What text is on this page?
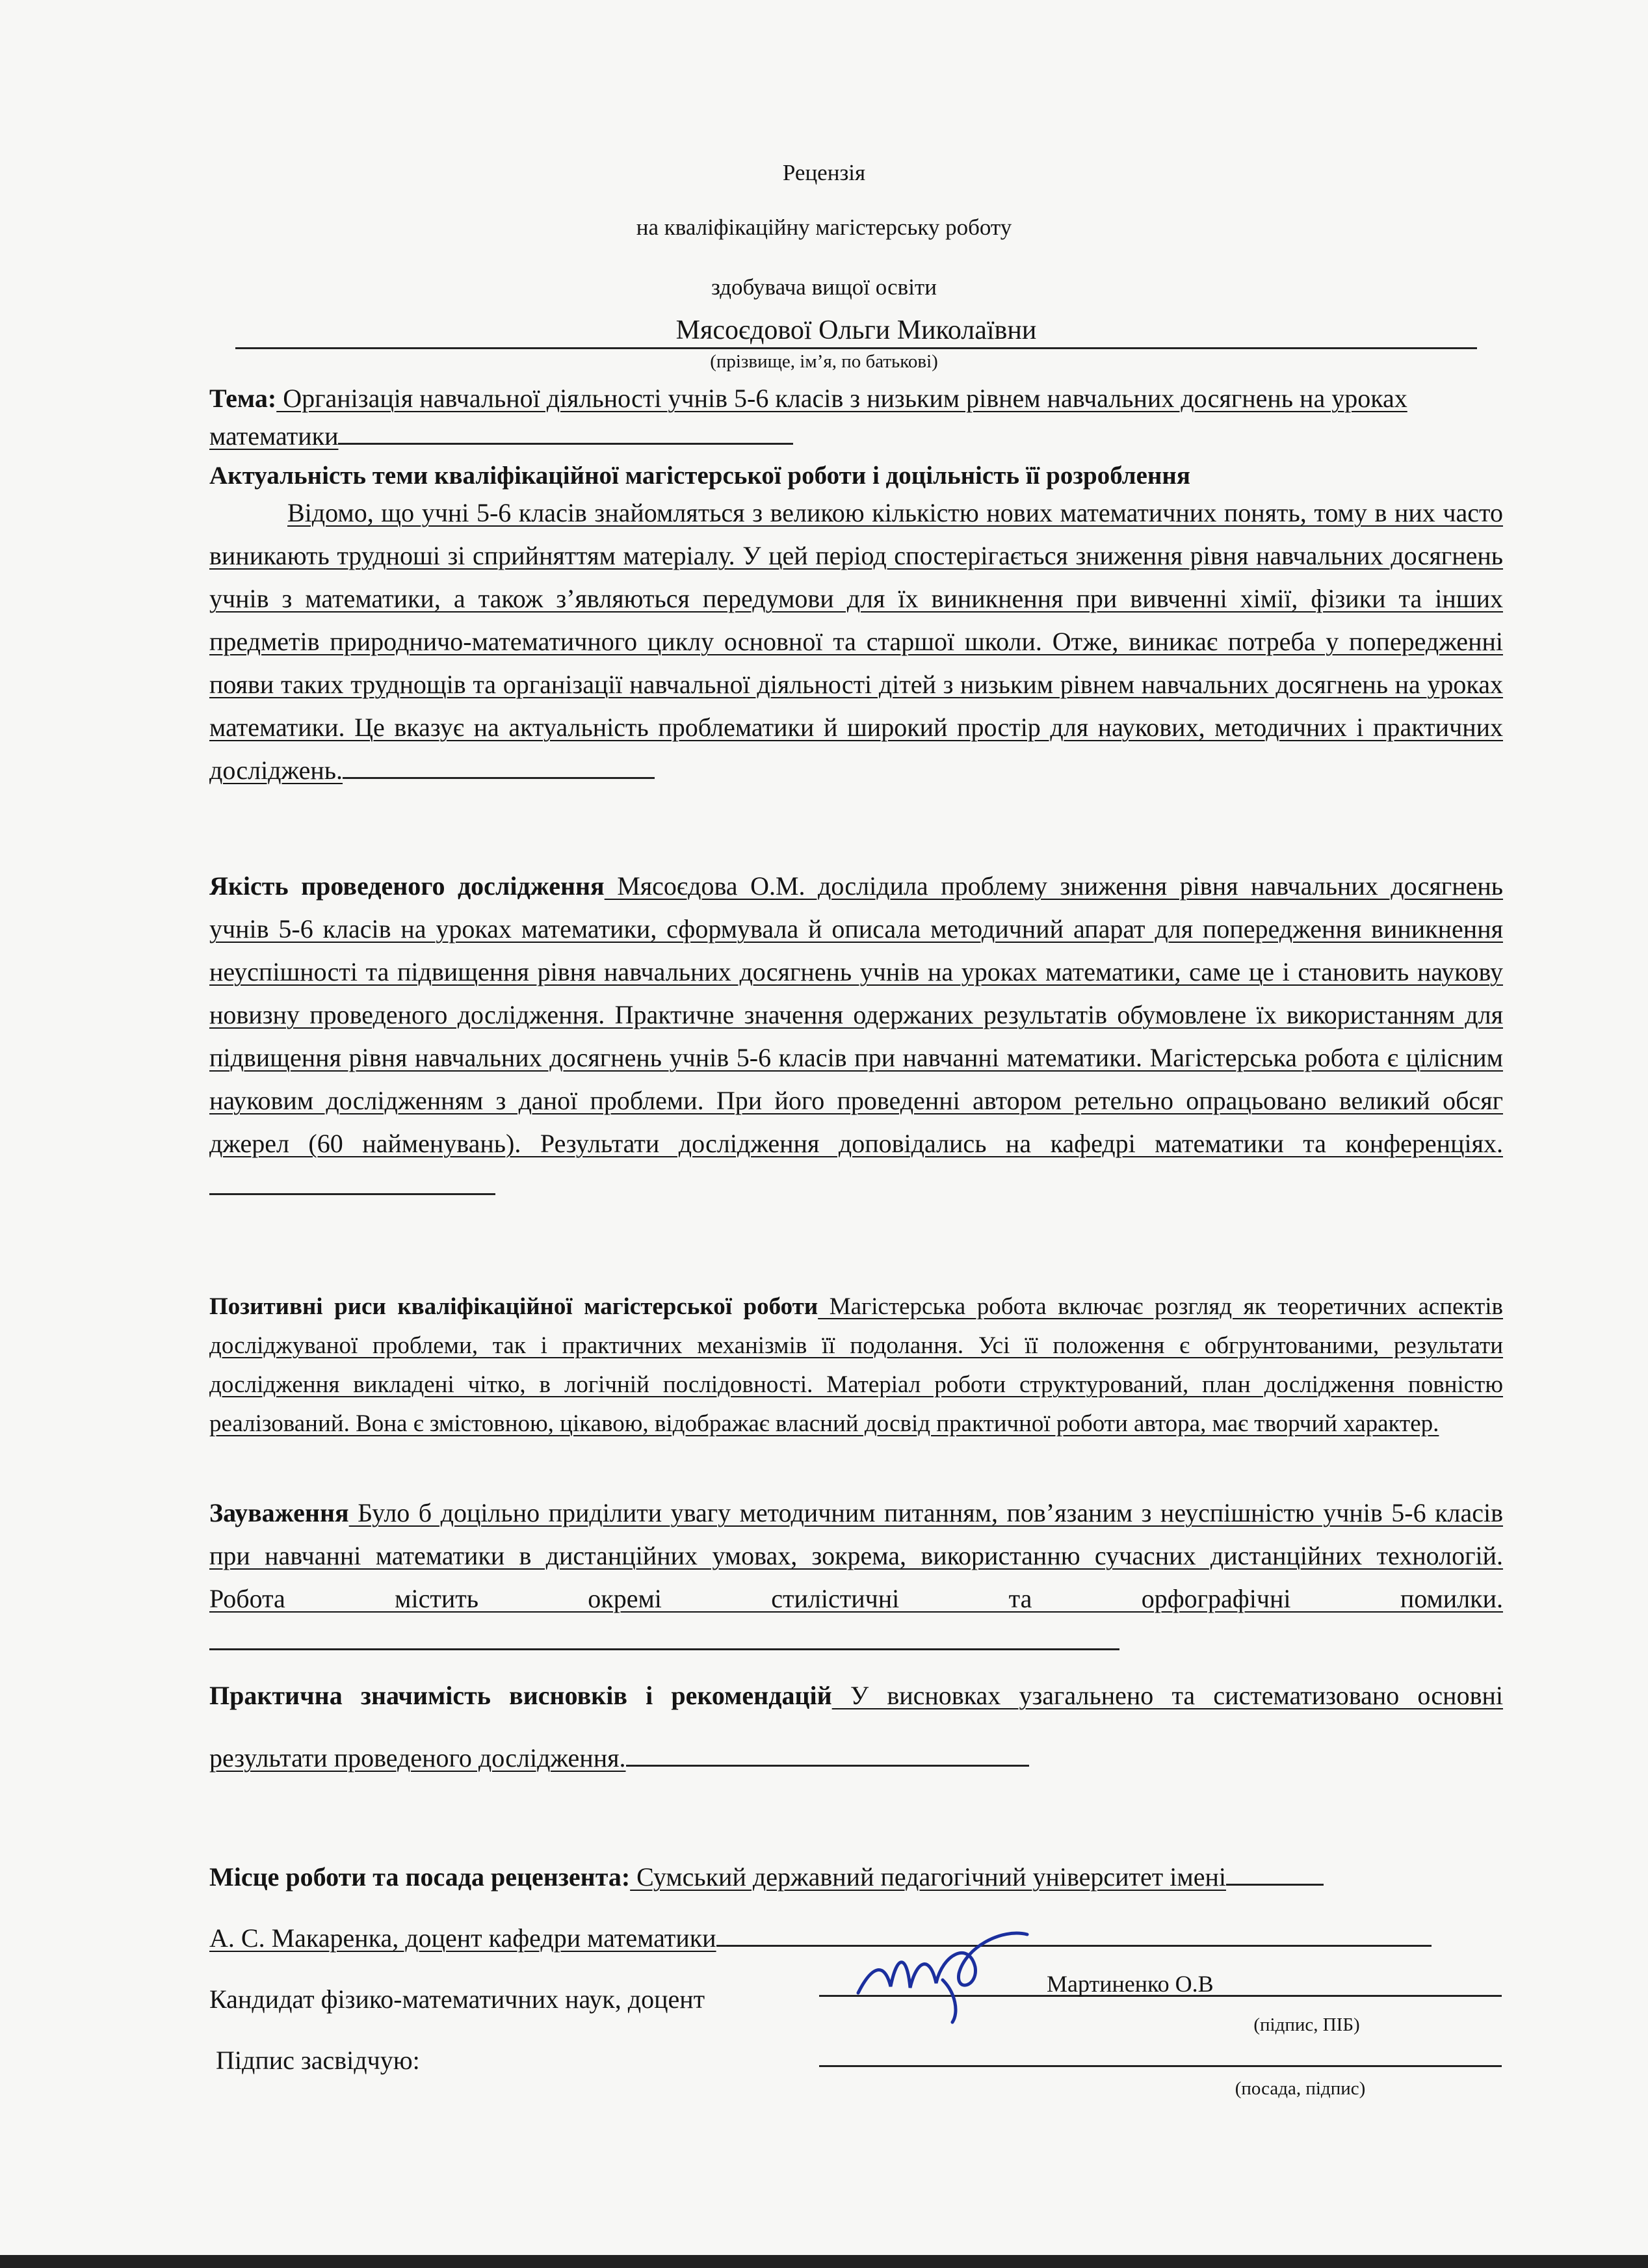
Рецензія
на кваліфікаційну магістерську роботу
здобувача вищої освіти
Мясоєдової Ольги Миколаївни
(прізвище, ім’я, по батькові)
Тема: Організація навчальної діяльності учнів 5-6 класів з низьким рівнем навчальних досягнень на уроках математики
Актуальність теми кваліфікаційної магістерської роботи і доцільність її розроблення
Відомо, що учні 5-6 класів знайомляться з великою кількістю нових математичних понять, тому в них часто виникають трудноші зі сприйняттям матеріалу. У цей період спостерігається зниження рівня навчальних досягнень учнів з математики, а також з’являються передумови для їх виникнення при вивченні хімії, фізики та інших предметів природничо-математичного циклу основної та старшої школи. Отже, виникає потреба у попередженні появи таких труднощів та організації навчальної діяльності дітей з низьким рівнем навчальних досягнень на уроках математики. Це вказує на актуальність проблематики й широкий простір для наукових, методичних і практичних досліджень.
Якість проведеного дослідження Мясоєдова О.М. дослідила проблему зниження рівня навчальних досягнень учнів 5-6 класів на уроках математики, сформувала й описала методичний апарат для попередження виникнення неуспішності та підвищення рівня навчальних досягнень учнів на уроках математики, саме це і становить наукову новизну проведеного дослідження. Практичне значення одержаних результатів обумовлене їх використанням для підвищення рівня навчальних досягнень учнів 5-6 класів при навчанні математики. Магістерська робота є цілісним науковим дослідженням з даної проблеми. При його проведенні автором ретельно опрацьовано великий обсяг джерел (60 найменувань). Результати дослідження доповідались на кафедрі математики та конференціях.
Позитивні риси кваліфікаційної магістерської роботи Магістерська робота включає розгляд як теоретичних аспектів досліджуваної проблеми, так і практичних механізмів її подолання. Усі її положення є обгрунтованими, результати дослідження викладені чітко, в логічній послідовності. Матеріал роботи структурований, план дослідження повністю реалізований. Вона є змістовною, цікавою, відображає власний досвід практичної роботи автора, має творчий характер.
Зауваження Було б доцільно приділити увагу методичним питанням, пов’язаним з неуспішністю учнів 5-6 класів при навчанні математики в дистанційних умовах, зокрема, використанню сучасних дистанційних технологій. Робота містить окремі стилістичні та орфографічні помилки.
Практична значимість висновків і рекомендацій У висновках узагальнено та систематизовано основні результати проведеного дослідження.
Місце роботи та посада рецензента: Сумський державний педагогічний університет імені
А. С. Макаренка, доцент кафедри математики
Кандидат фізико-математичних наук, доцент
Підпис засвідчую:
Мартиненко О.В
(підпис, ПІБ)
(посада, підпис)
